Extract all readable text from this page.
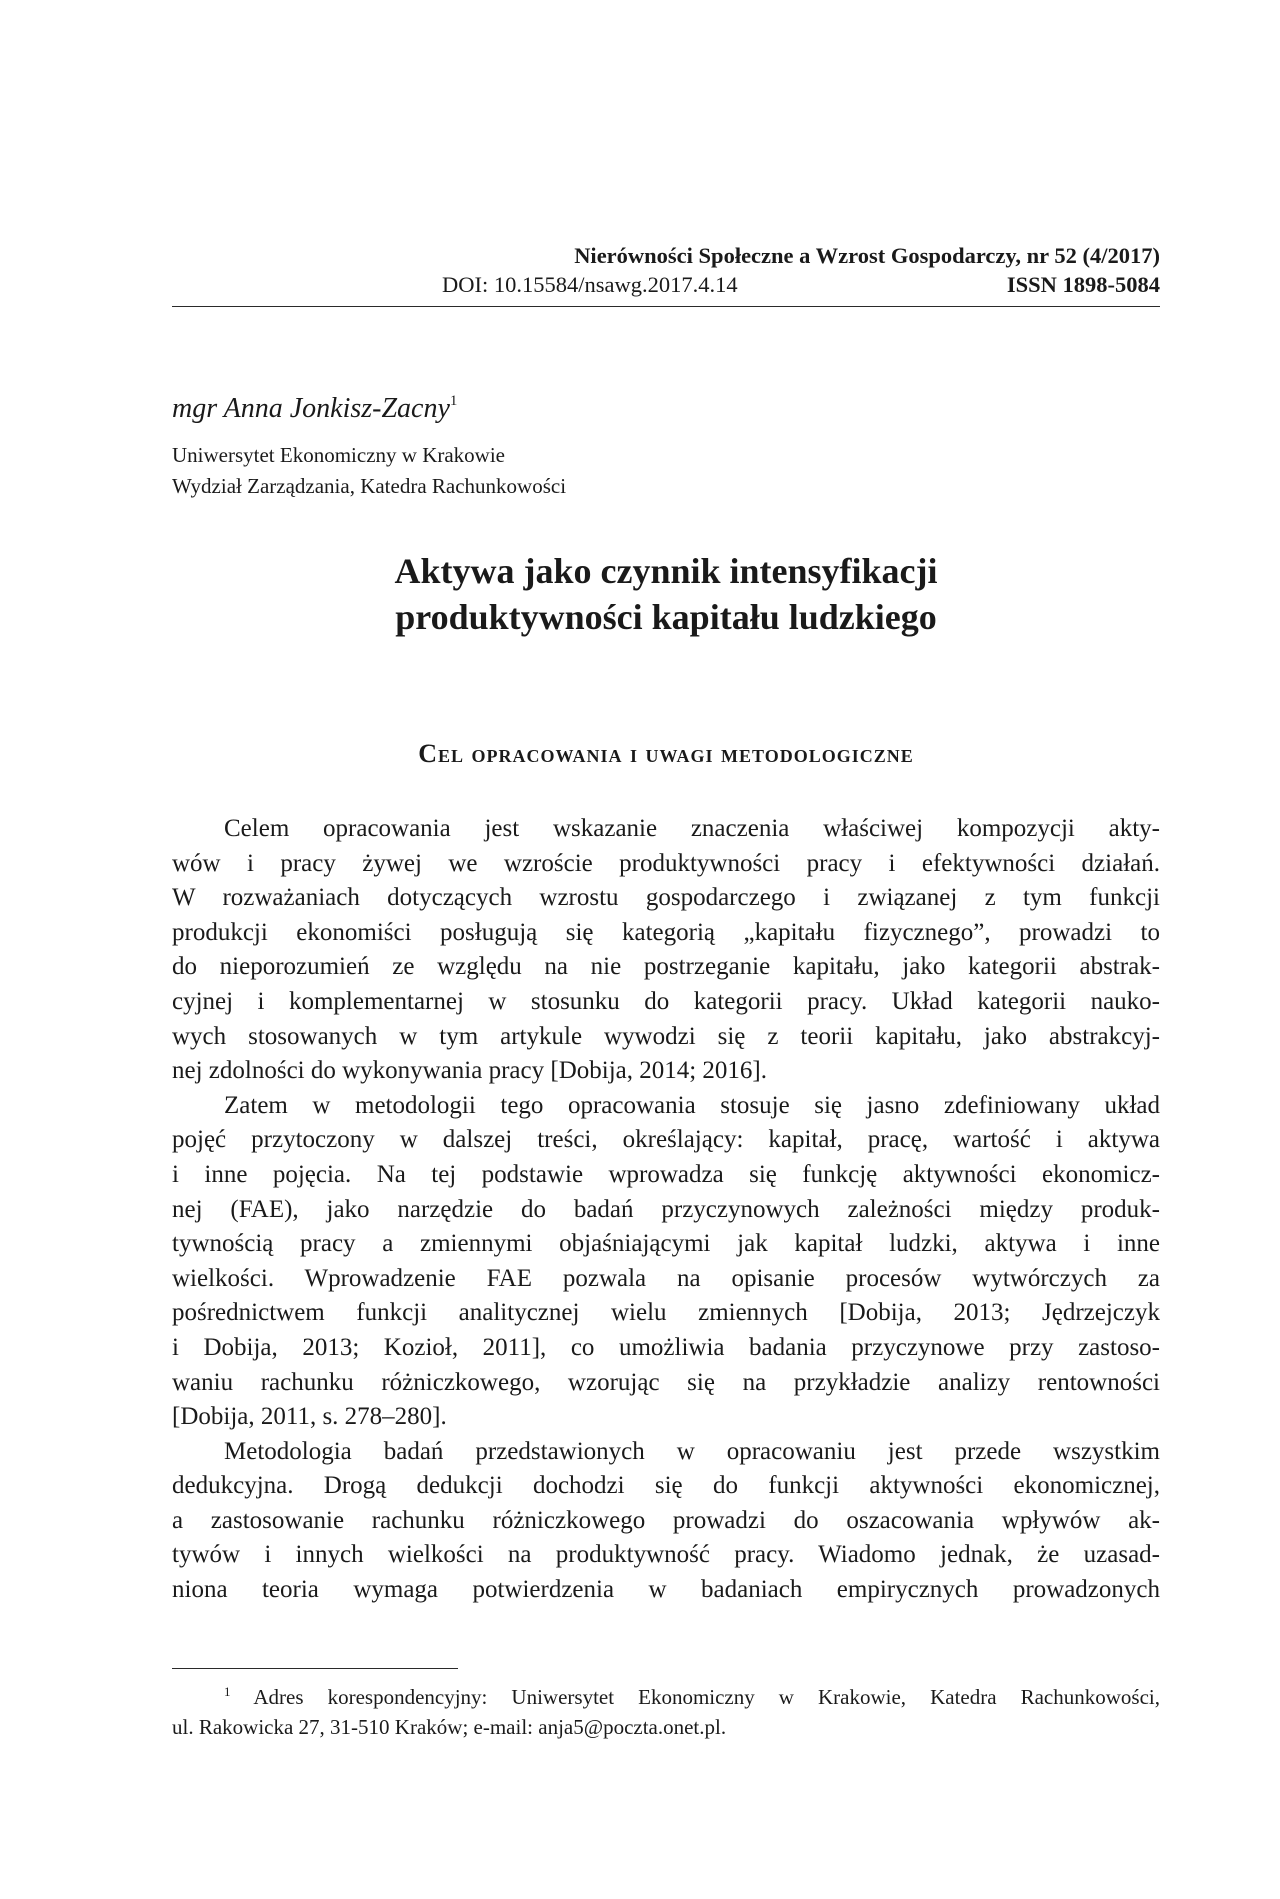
Nierówności Społeczne a Wzrost Gospodarczy, nr 52 (4/2017)

DOI: 10.15584/nsawg.2017.4.14	ISSN 1898-5084

mgr Anna Jonkisz-Zacny$^1$

Uniwersytet Ekonomiczny w Krakowie
Wydział Zarządzania, Katedra Rachunkowości

Aktywa jako czynnik intensyfikacji
produktywności kapitału ludzkiego
Cel opracowania i uwagi metodologiczne

Celem opracowania jest wskazanie znaczenia właściwej kompozycji akty-
wów i pracy żywej we wzroście produktywności pracy i efektywności działań.
W rozważaniach dotyczących wzrostu gospodarczego i związanej z tym funkcji
produkcji ekonomiści posługują się kategorią „kapitału fizycznego”, prowadzi to
do nieporozumień ze względu na nie postrzeganie kapitału, jako kategorii abstrak-
cyjnej i komplementarnej w stosunku do kategorii pracy. Układ kategorii nauko-
wych stosowanych w tym artykule wywodzi się z teorii kapitału, jako abstrakcyj-
nej zdolności do wykonywania pracy [Dobija, 2014; 2016].

Zatem w metodologii tego opracowania stosuje się jasno zdefiniowany układ
pojęć przytoczony w dalszej treści, określający: kapitał, pracę, wartość i aktywa
i inne pojęcia. Na tej podstawie wprowadza się funkcję aktywności ekonomicz-
nej (FAE), jako narzędzie do badań przyczynowych zależności między produk-
tywnością pracy a zmiennymi objaśniającymi jak kapitał ludzki, aktywa i inne
wielkości. Wprowadzenie FAE pozwala na opisanie procesów wytwórczych za
pośrednictwem funkcji analitycznej wielu zmiennych [Dobija, 2013; Jędrzejczyk
i Dobija, 2013; Kozioł, 2011], co umożliwia badania przyczynowe przy zastoso-
waniu rachunku różniczkowego, wzorując się na przykładzie analizy rentowności
[Dobija, 2011, s. 278–280].

Metodologia badań przedstawionych w opracowaniu jest przede wszystkim
dedukcyjna. Drogą dedukcji dochodzi się do funkcji aktywności ekonomicznej,
a zastosowanie rachunku różniczkowego prowadzi do oszacowania wpływów ak-
tywów i innych wielkości na produktywność pracy. Wiadomo jednak, że uzasad-
niona teoria wymaga potwierdzenia w badaniach empirycznych prowadzonych

$^1$ Adres korespondencyjny: Uniwersytet Ekonomiczny w Krakowie, Katedra Rachunkowości,
ul. Rakowicka 27, 31-510 Kraków; e-mail: anja5@poczta.onet.pl.
